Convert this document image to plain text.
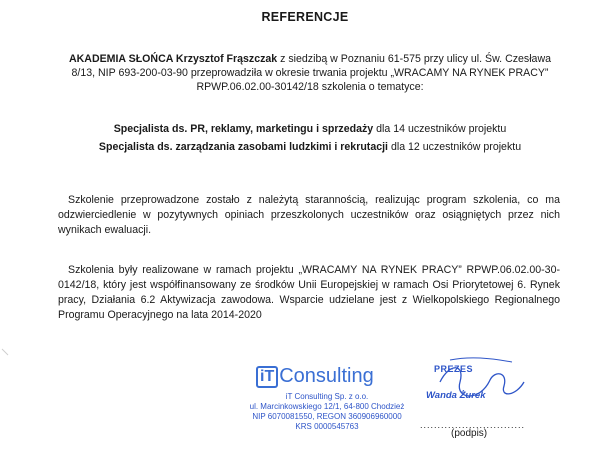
REFERENCJE
AKADEMIA SŁOŃCA Krzysztof Frąszczak z siedzibą w Poznaniu 61-575 przy ulicy ul. Św. Czesława 8/13, NIP 693-200-03-90 przeprowadziła w okresie trwania projektu „WRACAMY NA RYNEK PRACY” RPWP.06.02.00-30142/18 szkolenia o tematyce:
Specjalista ds. PR, reklamy, marketingu i sprzedaży dla 14 uczestników projektu
Specjalista ds. zarządzania zasobami ludzkimi i rekrutacji dla 12 uczestników projektu
Szkolenie przeprowadzone zostało z należytą starannością, realizując program szkolenia, co ma odzwierciedlenie w pozytywnych opiniach przeszkolonych uczestników oraz osiągniętych przez nich wynikach ewaluacji.
Szkolenia były realizowane w ramach projektu „WRACAMY NA RYNEK PRACY” RPWP.06.02.00-30-0142/18, który jest współfinansowany ze środków Unii Europejskiej w ramach Osi Priorytetowej 6. Rynek pracy, Działania 6.2 Aktywizacja zawodowa. Wsparcie udzielane jest z Wielkopolskiego Regionalnego Programu Operacyjnego na lata 2014-2020
iT Consulting
iT Consulting Sp. z o.o.
ul. Marcinkowskiego 12/1, 64-800 Chodzież
NIP 6070081550, REGON 360906960000
KRS 0000545763
PREZES
Wanda Żurek
..............................
(podpis)
